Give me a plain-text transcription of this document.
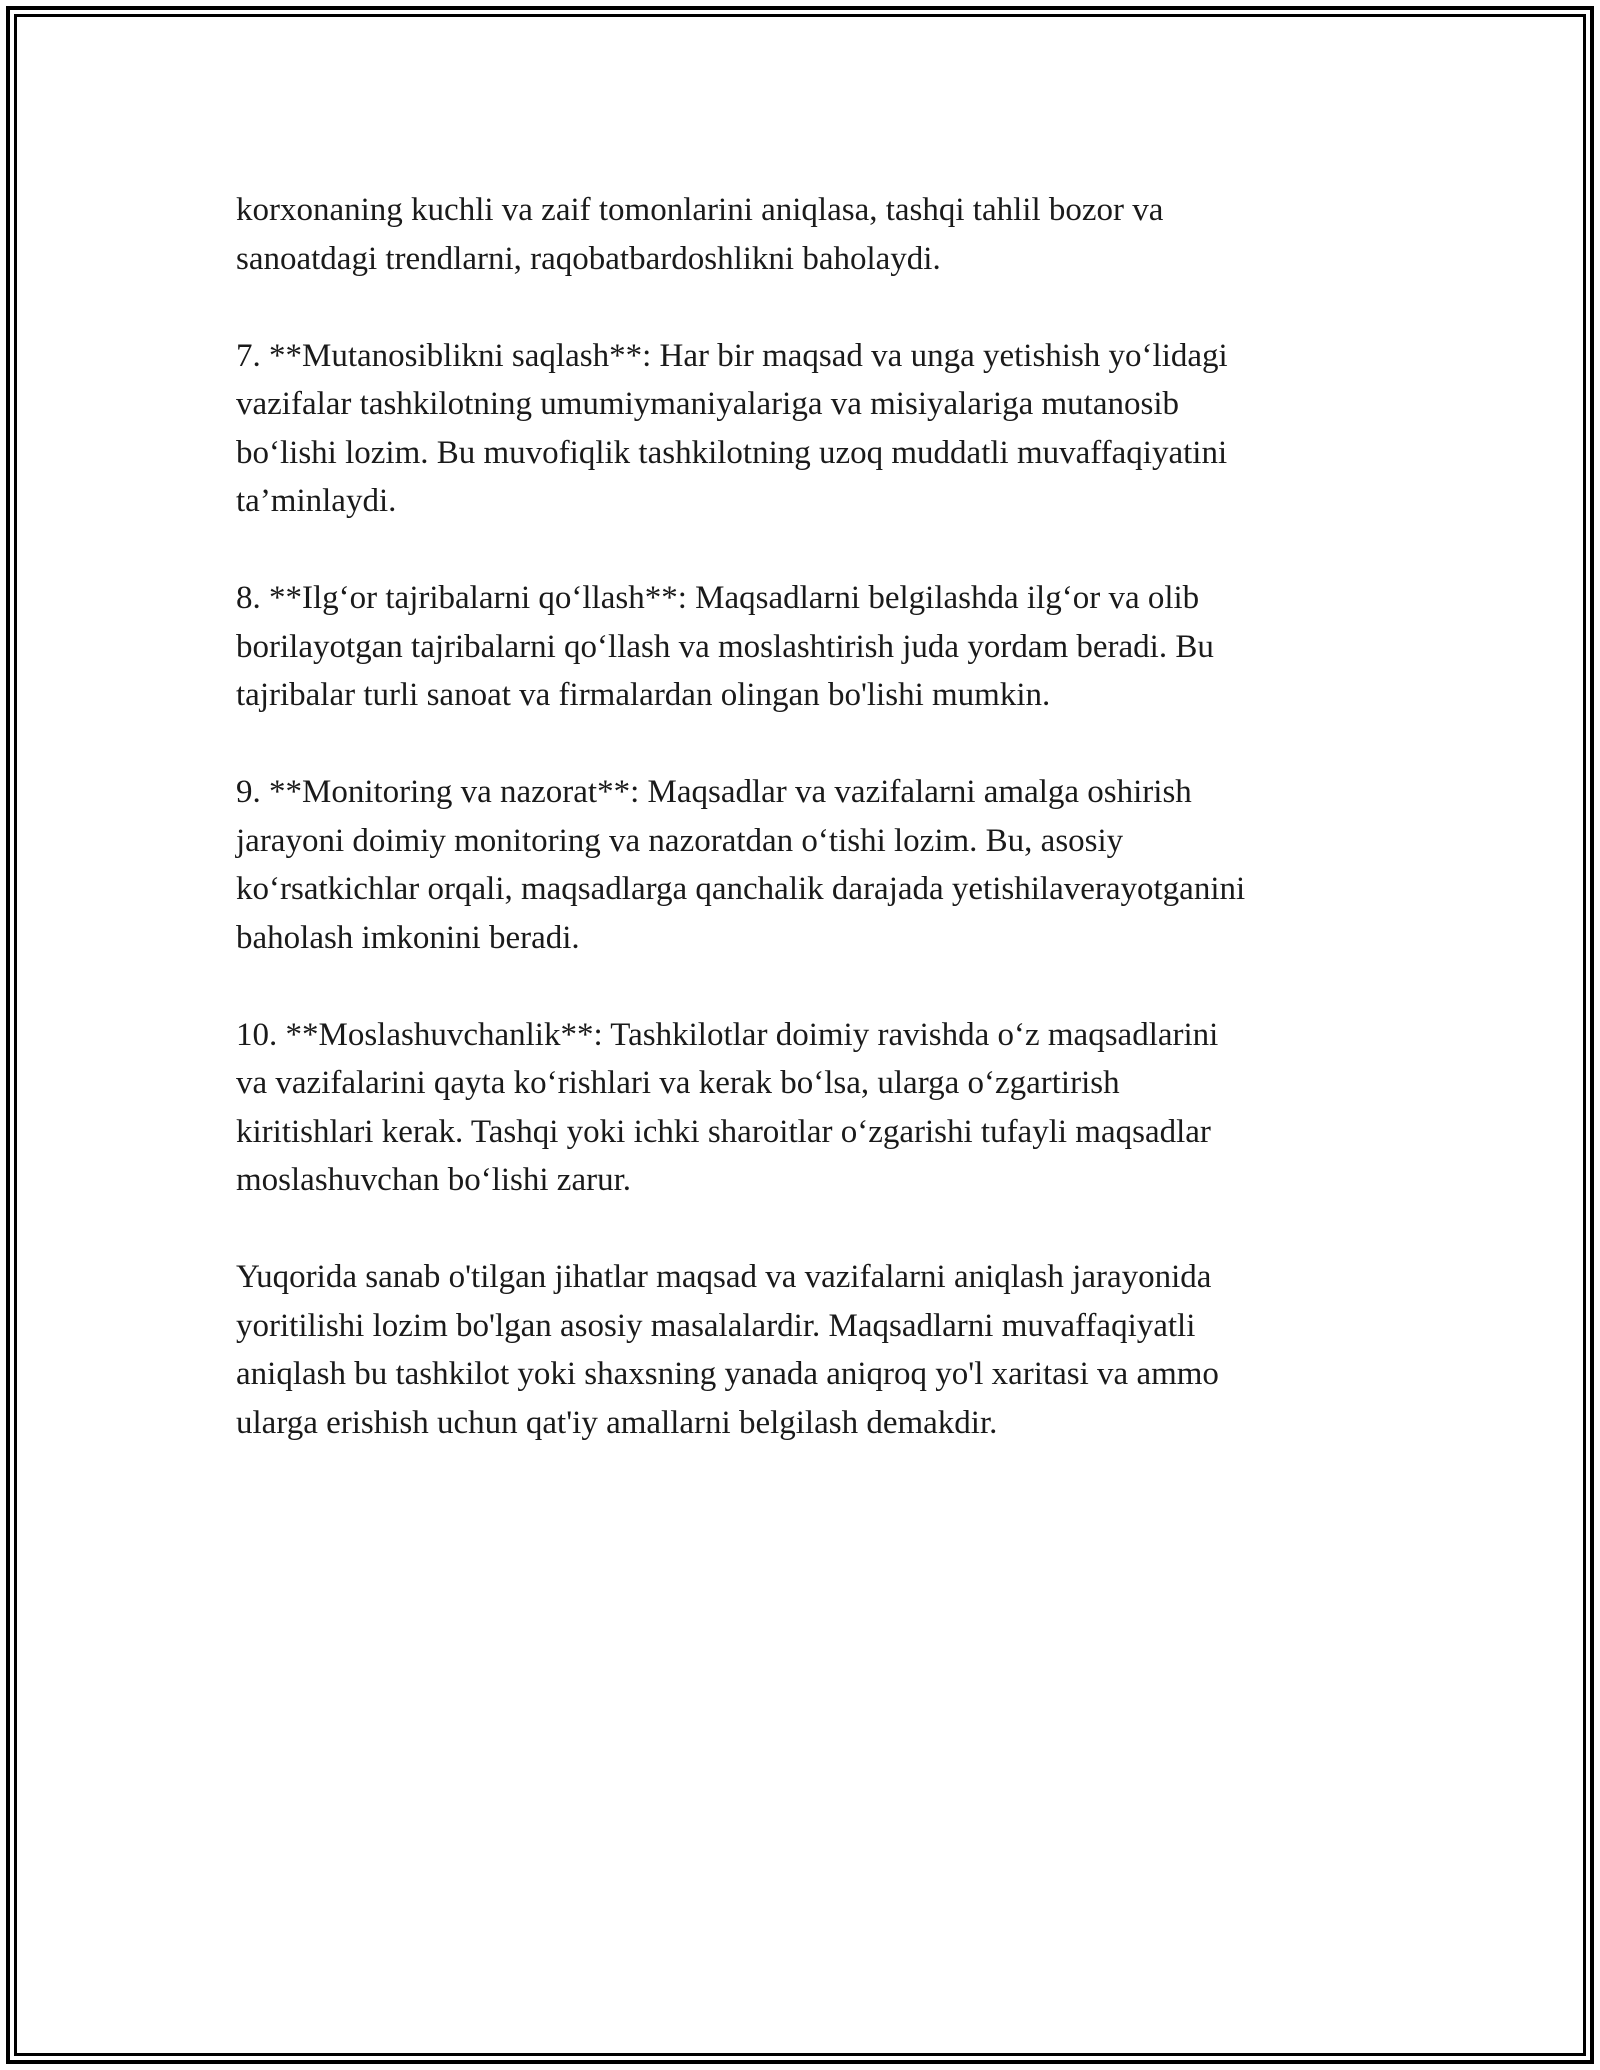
korxonaning kuchli va zaif tomonlarini aniqlasa, tashqi tahlil bozor va
sanoatdagi trendlarni, raqobatbardoshlikni baholaydi.

7. **Mutanosiblikni saqlash**: Har bir maqsad va unga yetishish yo‘lidagi
vazifalar tashkilotning umumiymaniyalariga va misiyalariga mutanosib
bo‘lishi lozim. Bu muvofiqlik tashkilotning uzoq muddatli muvaffaqiyatini
ta’minlaydi.

8. **Ilg‘or tajribalarni qo‘llash**: Maqsadlarni belgilashda ilg‘or va olib
borilayotgan tajribalarni qo‘llash va moslashtirish juda yordam beradi. Bu
tajribalar turli sanoat va firmalardan olingan bo'lishi mumkin.

9. **Monitoring va nazorat**: Maqsadlar va vazifalarni amalga oshirish
jarayoni doimiy monitoring va nazoratdan o‘tishi lozim. Bu, asosiy
ko‘rsatkichlar orqali, maqsadlarga qanchalik darajada yetishilaverayotganini
baholash imkonini beradi.

10. **Moslashuvchanlik**: Tashkilotlar doimiy ravishda o‘z maqsadlarini
va vazifalarini qayta ko‘rishlari va kerak bo‘lsa, ularga o‘zgartirish
kiritishlari kerak. Tashqi yoki ichki sharoitlar o‘zgarishi tufayli maqsadlar
moslashuvchan bo‘lishi zarur.

Yuqorida sanab o'tilgan jihatlar maqsad va vazifalarni aniqlash jarayonida
yoritilishi lozim bo'lgan asosiy masalalardir. Maqsadlarni muvaffaqiyatli
aniqlash bu tashkilot yoki shaxsning yanada aniqroq yo'l xaritasi va ammo
ularga erishish uchun qat'iy amallarni belgilash demakdir.
